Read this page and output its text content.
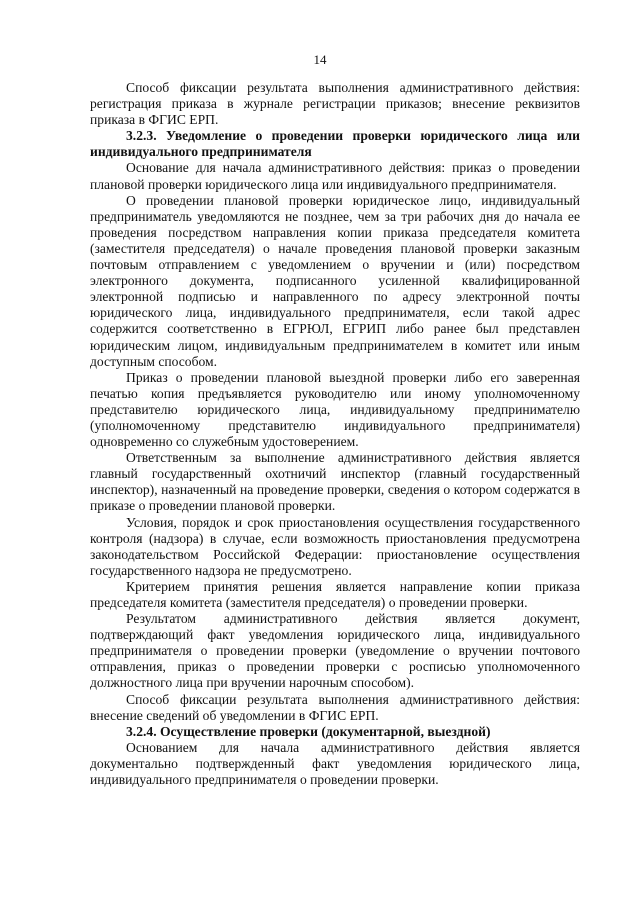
14

Способ фиксации результата выполнения административного действия: регистрация приказа в журнале регистрации приказов; внесение реквизитов приказа в ФГИС ЕРП.

3.2.3. Уведомление о проведении проверки юридического лица или индивидуального предпринимателя

Основание для начала административного действия: приказ о проведении плановой проверки юридического лица или индивидуального предпринимателя.

О проведении плановой проверки юридическое лицо, индивидуальный предприниматель уведомляются не позднее, чем за три рабочих дня до начала ее проведения посредством направления копии приказа председателя комитета (заместителя председателя) о начале проведения плановой проверки заказным почтовым отправлением с уведомлением о вручении и (или) посредством электронного документа, подписанного усиленной квалифицированной электронной подписью и направленного по адресу электронной почты юридического лица, индивидуального предпринимателя, если такой адрес содержится соответственно в ЕГРЮЛ, ЕГРИП либо ранее был представлен юридическим лицом, индивидуальным предпринимателем в комитет или иным доступным способом.

Приказ о проведении плановой выездной проверки либо его заверенная печатью копия предъявляется руководителю или иному уполномоченному представителю юридического лица, индивидуальному предпринимателю (уполномоченному представителю индивидуального предпринимателя) одновременно со служебным удостоверением.

Ответственным за выполнение административного действия является главный государственный охотничий инспектор (главный государственный инспектор), назначенный на проведение проверки, сведения о котором содержатся в приказе о проведении плановой проверки.

Условия, порядок и срок приостановления осуществления государственного контроля (надзора) в случае, если возможность приостановления предусмотрена законодательством Российской Федерации: приостановление осуществления государственного надзора не предусмотрено.

Критерием принятия решения является направление копии приказа председателя комитета (заместителя председателя) о проведении проверки.

Результатом административного действия является документ, подтверждающий факт уведомления юридического лица, индивидуального предпринимателя о проведении проверки (уведомление о вручении почтового отправления, приказ о проведении проверки с росписью уполномоченного должностного лица при вручении нарочным способом).

Способ фиксации результата выполнения административного действия: внесение сведений об уведомлении в ФГИС ЕРП.

3.2.4. Осуществление проверки (документарной, выездной)

Основанием для начала административного действия является документально подтвержденный факт уведомления юридического лица, индивидуального предпринимателя о проведении проверки.
